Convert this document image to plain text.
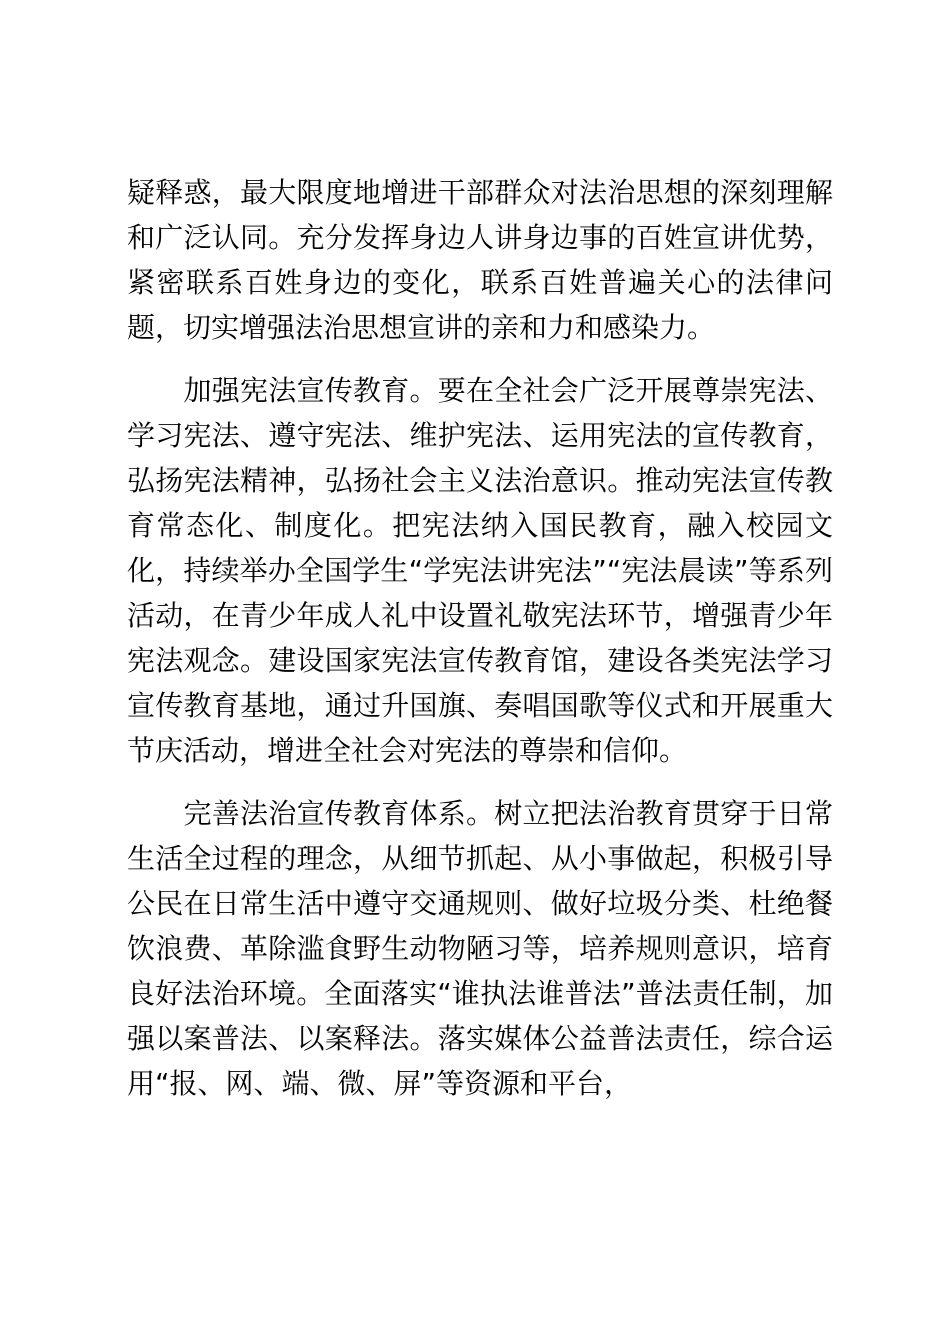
疑释惑，最大限度地增进干部群众对法治思想的深刻理解和广泛认同。充分发挥身边人讲身边事的百姓宣讲优势，紧密联系百姓身边的变化，联系百姓普遍关心的法律问题，切实增强法治思想宣讲的亲和力和感染力。

　　加强宪法宣传教育。要在全社会广泛开展尊崇宪法、学习宪法、遵守宪法、维护宪法、运用宪法的宣传教育，弘扬宪法精神，弘扬社会主义法治意识。推动宪法宣传教育常态化、制度化。把宪法纳入国民教育，融入校园文化，持续举办全国学生“学宪法讲宪法”“宪法晨读”等系列活动，在青少年成人礼中设置礼敬宪法环节，增强青少年宪法观念。建设国家宪法宣传教育馆，建设各类宪法学习宣传教育基地，通过升国旗、奏唱国歌等仪式和开展重大节庆活动，增进全社会对宪法的尊崇和信仰。

　　完善法治宣传教育体系。树立把法治教育贯穿于日常生活全过程的理念，从细节抓起、从小事做起，积极引导公民在日常生活中遵守交通规则、做好垃圾分类、杜绝餐饮浪费、革除滥食野生动物陋习等，培养规则意识，培育良好法治环境。全面落实“谁执法谁普法”普法责任制，加强以案普法、以案释法。落实媒体公益普法责任，综合运用“报、网、端、微、屏”等资源和平台，
